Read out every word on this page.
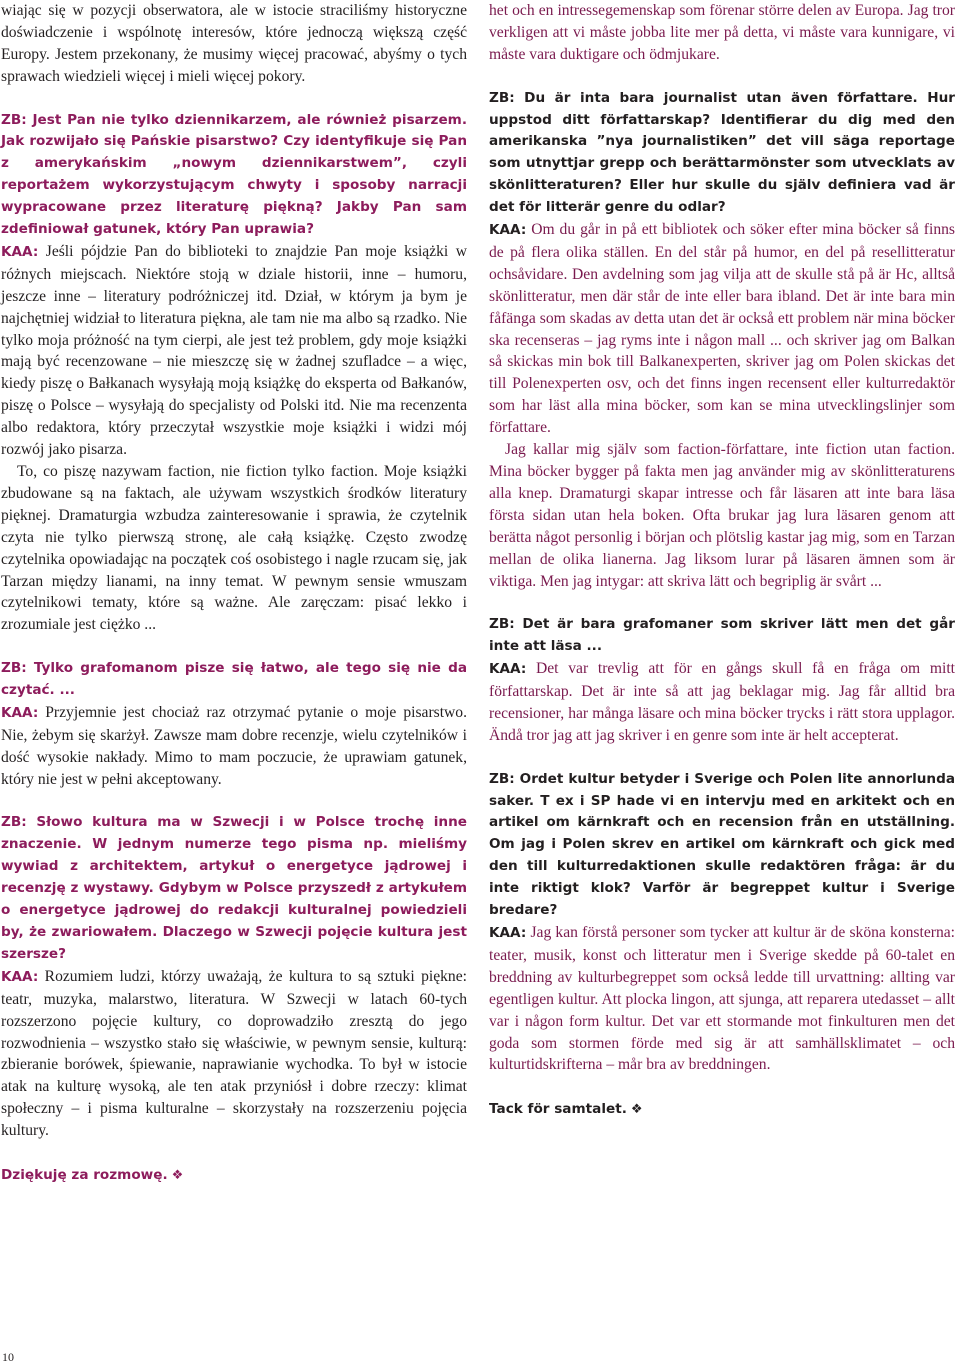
wiając się w pozycji obserwatora, ale w istocie straciliśmy historyczne doświadczenie i wspólnotę interesów, które jednoczą większą część Europy. Jestem przekonany, że musimy więcej pracować, abyśmy o tych sprawach wiedzieli więcej i mieli więcej pokory.

ZB: Jest Pan nie tylko dziennikarzem, ale również pisarzem. Jak rozwijało się Pańskie pisarstwo? Czy identyfikuje się Pan z amerykańskim „nowym dziennikarstwem”, czyli reportażem wykorzystującym chwyty i sposoby narracji wypracowane przez literaturę piękną? Jakby Pan sam zdefiniował gatunek, który Pan uprawia?

KAA: Jeśli pójdzie Pan do biblioteki to znajdzie Pan moje książki w różnych miejscach. Niektóre stoją w dziale historii, inne – humoru, jeszcze inne – literatury podróżniczej itd. Dział, w którym ja bym je najchętniej widział to literatura piękna, ale tam nie ma albo są rzadko. Nie tylko moja próżność na tym cierpi, ale jest też problem, gdy moje książki mają być recenzowane – nie mieszczę się w żadnej szufladce – a więc, kiedy piszę o Bałkanach wysyłają moją książkę do eksperta od Bałkanów, piszę o Polsce – wysyłają do specjalisty od Polski itd. Nie ma recenzenta albo redaktora, który przeczytał wszystkie moje książki i widzi mój rozwój jako pisarza.

To, co piszę nazywam faction, nie fiction tylko faction. Moje książki zbudowane są na faktach, ale używam wszystkich środków literatury pięknej. Dramaturgia wzbudza zainteresowanie i sprawia, że czytelnik czyta nie tylko pierwszą stronę, ale całą książkę. Często zwodzę czytelnika opowiadając na początek coś osobistego i nagle rzucam się, jak Tarzan między lianami, na inny temat. W pewnym sensie wmuszam czytelnikowi tematy, które są ważne. Ale zaręczam: pisać lekko i zrozumiale jest ciężko ...

ZB: Tylko grafomanom pisze się łatwo, ale tego się nie da czytać. ...

KAA: Przyjemnie jest chociaż raz otrzymać pytanie o moje pisarstwo. Nie, żebym się skarżył. Zawsze mam dobre recenzje, wielu czytelników i dość wysokie nakłady. Mimo to mam poczucie, że uprawiam gatunek, który nie jest w pełni akceptowany.

ZB: Słowo kultura ma w Szwecji i w Polsce trochę inne znaczenie. W jednym numerze tego pisma np. mieliśmy wywiad z architektem, artykuł o energetyce jądrowej i recenzję z wystawy. Gdybym w Polsce przyszedł z artykułem o energetyce jądrowej do redakcji kulturalnej powiedzieli by, że zwariowałem. Dlaczego w Szwecji pojęcie kultura jest szersze?

KAA: Rozumiem ludzi, którzy uważają, że kultura to są sztuki piękne: teatr, muzyka, malarstwo, literatura. W Szwecji w latach 60-tych rozszerzono pojęcie kultury, co doprowadziło zresztą do jego rozwodnienia – wszystko stało się właściwie, w pewnym sensie, kulturą: zbieranie borówek, śpiewanie, naprawianie wychodka. To był w istocie atak na kulturę wysoką, ale ten atak przyniósł i dobre rzeczy: klimat społeczny – i pisma kulturalne – skorzystały na rozszerzeniu pojęcia kultury.

Dziękuję za rozmowę. ❖

het och en intressegemenskap som förenar större delen av Europa. Jag tror verkligen att vi måste jobba lite mer på detta, vi måste vara kunnigare, vi måste vara duktigare och ödmjukare.

ZB: Du är inta bara journalist utan även författare. Hur uppstod ditt författarskap? Identifierar du dig med den amerikanska ”nya journalistiken” det vill säga reportage som utnyttjar grepp och berättarmönster som utvecklats av skönlitteraturen? Eller hur skulle du själv definiera vad är det för litterär genre du odlar?

KAA: Om du går in på ett bibliotek och söker efter mina böcker så finns de på flera olika ställen. En del står på humor, en del på resellitteratur ochsåvidare. Den avdelning som jag vilja att de skulle stå på är Hc, alltså skönlitteratur, men där står de inte eller bara ibland. Det är inte bara min fåfänga som skadas av detta utan det är också ett problem när mina böcker ska recenseras – jag ryms inte i någon mall ... och skriver jag om Balkan så skickas min bok till Balkanexperten, skriver jag om Polen skickas det till Polenexperten osv, och det finns ingen recensent eller kulturredaktör som har läst alla mina böcker, som kan se mina utvecklingslinjer som författare.

Jag kallar mig själv som faction-författare, inte fiction utan faction. Mina böcker bygger på fakta men jag använder mig av skönlitteraturens alla knep. Dramaturgi skapar intresse och får läsaren att inte bara läsa första sidan utan hela boken. Ofta brukar jag lura läsaren genom att berätta något personlig i början och plötslig kastar jag mig, som en Tarzan mellan de olika lianerna. Jag liksom lurar på läsaren ämnen som är viktiga. Men jag intygar: att skriva lätt och begriplig är svårt ...

ZB: Det är bara grafomaner som skriver lätt men det går inte att läsa ...

KAA: Det var trevlig att för en gångs skull få en fråga om mitt författarskap. Det är inte så att jag beklagar mig. Jag får alltid bra recensioner, har många läsare och mina böcker trycks i rätt stora upplagor. Ändå tror jag att jag skriver i en genre som inte är helt accepterat.

ZB: Ordet kultur betyder i Sverige och Polen lite annorlunda saker. T ex i SP hade vi en intervju med en arkitekt och en artikel om kärnkraft och en recension från en utställning. Om jag i Polen skrev en artikel om kärnkraft och gick med den till kulturredaktionen skulle redaktören fråga: är du inte riktigt klok? Varför är begreppet kultur i Sverige bredare?

KAA: Jag kan förstå personer som tycker att kultur är de sköna konsterna: teater, musik, konst och litteratur men i Sverige skedde på 60-talet en breddning av kulturbegreppet som också ledde till urvattning: allting var egentligen kultur. Att plocka lingon, att sjunga, att reparera utedasset – allt var i någon form kultur. Det var ett stormande mot finkulturen men det goda som stormen förde med sig är att samhällsklimatet – och kulturtidskrifterna – mår bra av breddningen.

Tack för samtalet. ❖

10
